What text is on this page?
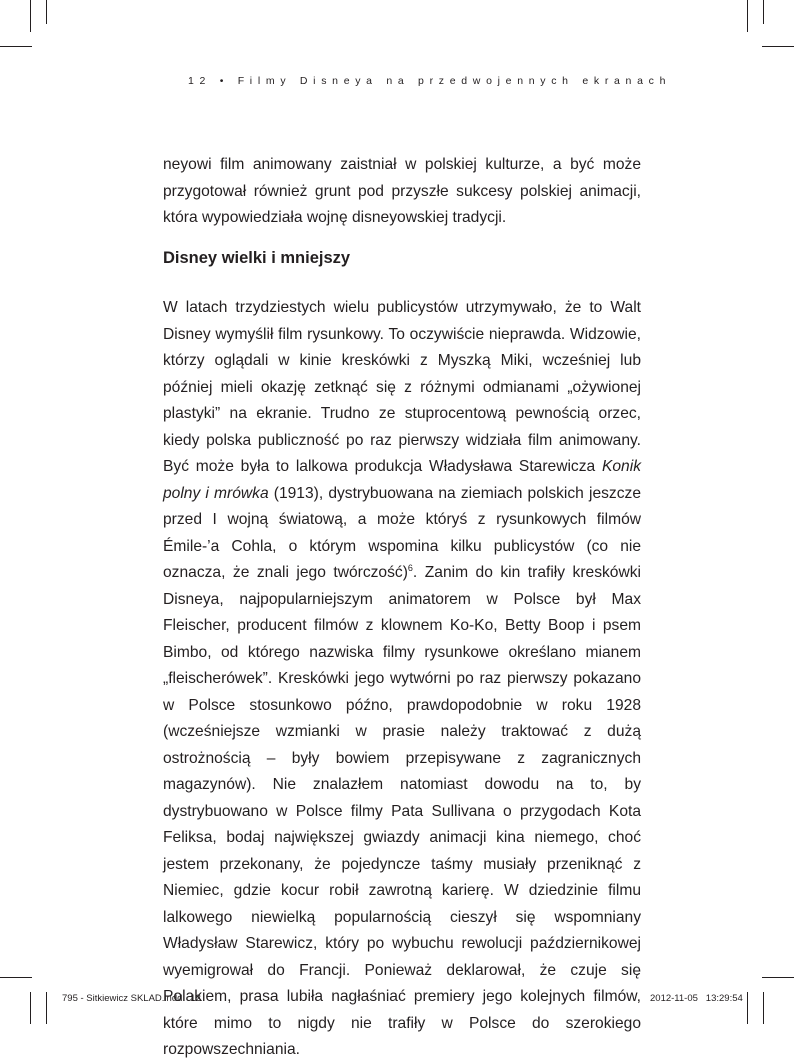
12 • Filmy Disneya na przedwojennych ekranach

neyowi film animowany zaistniał w polskiej kulturze, a być może przygotował również grunt pod przyszłe sukcesy polskiej animacji, która wypowiedziała wojnę disneyowskiej tradycji.

Disney wielki i mniejszy

W latach trzydziestych wielu publicystów utrzymywało, że to Walt Disney wymyślił film rysunkowy. To oczywiście nieprawda. Widzowie, którzy oglądali w kinie kreskówki z Myszką Miki, wcześniej lub później mieli okazję zetknąć się z różnymi odmianami „ożywionej plastyki” na ekranie. Trudno ze stuprocentową pewnością orzec, kiedy polska publiczność po raz pierwszy widziała film animowany. Być może była to lalkowa produkcja Władysława Starewicza Konik polny i mrówka (1913), dystrybuowana na ziemiach polskich jeszcze przed I wojną światową, a może któryś z rysunkowych filmów Émile-’a Cohla, o którym wspomina kilku publicystów (co nie oznacza, że znali jego twórczość)$^6$. Zanim do kin trafiły kreskówki Disneya, najpopularniejszym animatorem w Polsce był Max Fleischer, producent filmów z klownem Ko-Ko, Betty Boop i psem Bimbo, od którego nazwiska filmy rysunkowe określano mianem „fleischerówek”. Kreskówki jego wytwórni po raz pierwszy pokazano w Polsce stosunkowo późno, prawdopodobnie w roku 1928 (wcześniejsze wzmianki w prasie należy traktować z dużą ostrożnością – były bowiem przepisywane z zagranicznych magazynów). Nie znalazłem natomiast dowodu na to, by dystrybuowano w Polsce filmy Pata Sullivana o przygodach Kota Feliksa, bodaj największej gwiazdy animacji kina niemego, choć jestem przekonany, że pojedyncze taśmy musiały przeniknąć z Niemiec, gdzie kocur robił zawrotną karierę. W dziedzinie filmu lalkowego niewielką popularnością cieszył się wspomniany Władysław Starewicz, który po wybuchu rewolucji październikowej wyemigrował do Francji. Ponieważ deklarował, że czuje się Polakiem, prasa lubiła nagłaśniać premiery jego kolejnych filmów, które mimo to nigdy nie trafiły w Polsce do szerokiego rozpowszechniania.

795 - Sitkiewicz SKLAD.indd   12	2012-11-05   13:29:54
